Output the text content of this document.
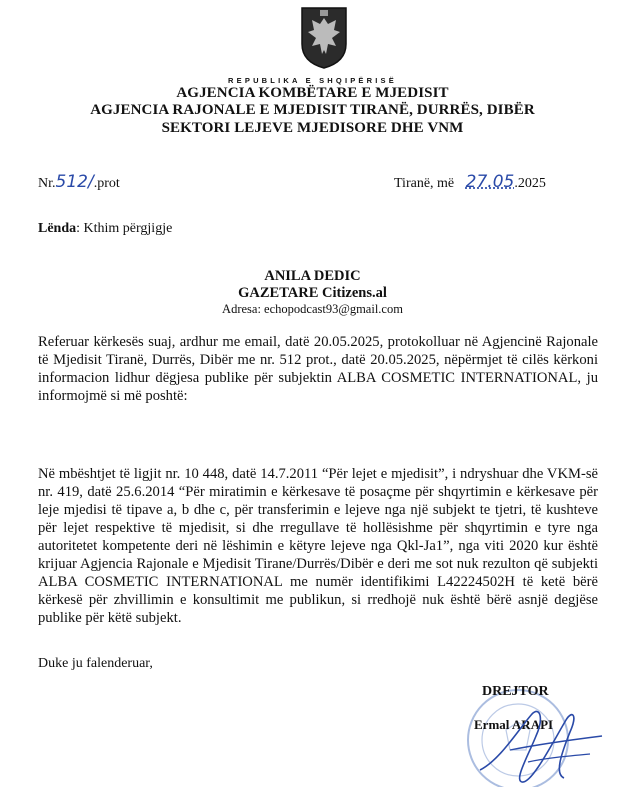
REPUBLIKA E SHQIPËRISË
AGJENCIA KOMBËTARE E MJEDISIT
AGJENCIA RAJONALE E MJEDISIT TIRANË, DURRËS, DIBËR
SEKTORI LEJEVE MJEDISORE DHE VNM
Nr.512/.prot	Tiranë, më 27.05.2025
Lënda: Kthim përgjigje
ANILA DEDIC
GAZETARE Citizens.al
Adresa: echopodcast93@gmail.com
Referuar kërkesës suaj, ardhur me email, datë 20.05.2025, protokolluar në Agjencinë Rajonale të Mjedisit Tiranë, Durrës, Dibër me nr. 512 prot., datë 20.05.2025, nëpërmjet të cilës kërkoni informacion lidhur dëgjesa publike për subjektin ALBA COSMETIC INTERNATIONAL, ju informojmë si më poshtë:
Në mbështjet të ligjit nr. 10 448, datë 14.7.2011 “Për lejet e mjedisit”, i ndryshuar dhe VKM-së nr. 419, datë 25.6.2014 “Për miratimin e kërkesave të posaçme për shqyrtimin e kërkesave për leje mjedisi të tipave a, b dhe c, për transferimin e lejeve nga një subjekt te tjetri, të kushteve për lejet respektive të mjedisit, si dhe rregullave të hollësishme për shqyrtimin e tyre nga autoritetet kompetente deri në lëshimin e këtyre lejeve nga Qkl-Ja1”, nga viti 2020 kur është krijuar Agjencia Rajonale e Mjedisit Tirane/Durrës/Dibër e deri me sot nuk rezulton që subjekti ALBA COSMETIC INTERNATIONAL me numër identifikimi L42224502H të ketë bërë kërkesë për zhvillimin e konsultimit me publikun, si rredhojë nuk është bërë asnjë degjëse publike për këtë subjekt.
Duke ju falenderuar,
DREJTOR
Ermal ARAPI
